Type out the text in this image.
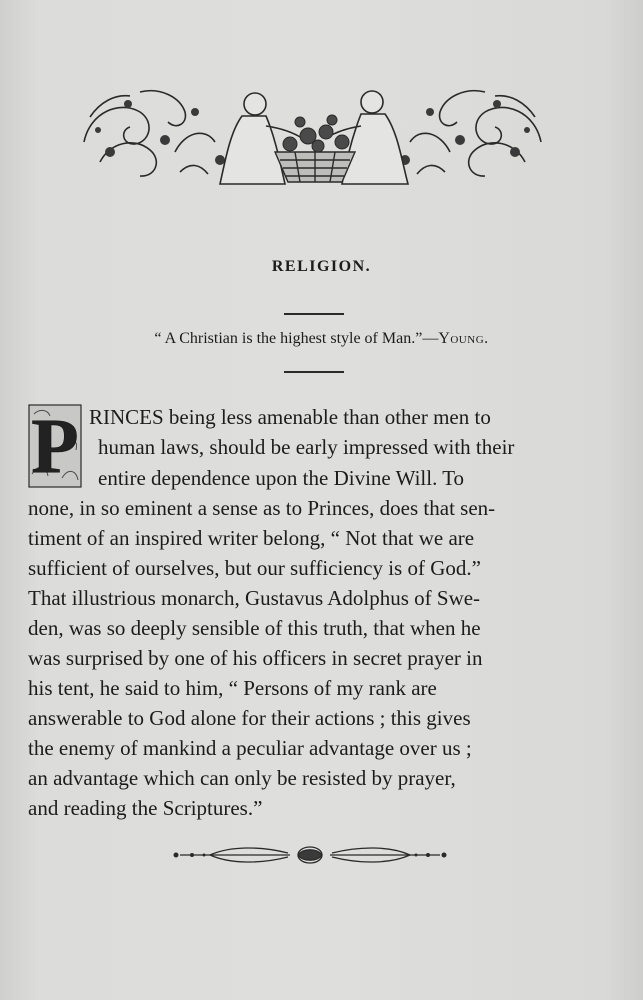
RELIGION.
“ A Christian is the highest style of Man.”—Young.
P RINCES being less amenable than other men to
human laws, should be early impressed with their
entire dependence upon the Divine Will. To
none, in so eminent a sense as to Princes, does that sen-
timent of an inspired writer belong, “ Not that we are
sufficient of ourselves, but our sufficiency is of God.”
That illustrious monarch, Gustavus Adolphus of Swe-
den, was so deeply sensible of this truth, that when he
was surprised by one of his officers in secret prayer in
his tent, he said to him, “ Persons of my rank are
answerable to God alone for their actions ; this gives
the enemy of mankind a peculiar advantage over us ;
an advantage which can only be resisted by prayer,
and reading the Scriptures.”
